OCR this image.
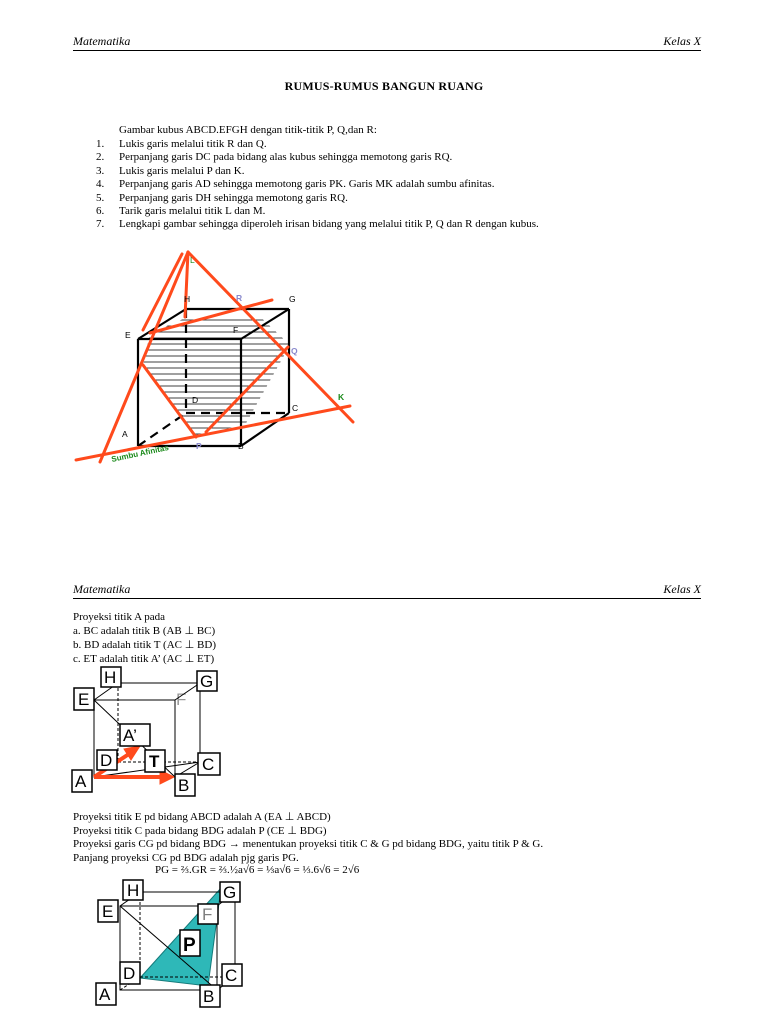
Matematika	Kelas X
RUMUS-RUMUS BANGUN RUANG
Gambar kubus ABCD.EFGH dengan titik-titik P, Q,dan R:
1.	Lukis garis melalui titik R dan Q.
2.	Perpanjang garis DC pada bidang alas kubus sehingga memotong garis RQ.
3.	Lukis garis melalui P dan K.
4.	Perpanjang garis AD sehingga memotong garis PK. Garis MK adalah sumbu afinitas.
5.	Perpanjang garis DH sehingga memotong garis RQ.
6.	Tarik garis melalui titik L dan M.
7.	Lengkapi gambar sehingga diperoleh irisan bidang yang melalui titik P, Q dan R dengan kubus.
L
H	R	G
E	F
Q
D
C
K
A
P	B
Sumbu Afinitas
Matematika	Kelas X
Proyeksi titik A pada
a. BC adalah titik B (AB ⊥ BC)
b. BD adalah titik T (AC ⊥ BD)
c. ET adalah titik A’ (AC ⊥ ET)
H	G
E	F
A’
D T	C
A	B
Proyeksi titik E pd bidang ABCD adalah A (EA ⊥ ABCD)
Proyeksi titik C pada bidang BDG adalah P (CE ⊥ BDG)
Proyeksi garis CG pd bidang BDG → menentukan proyeksi titik C & G pd bidang BDG, yaitu titik P & G.
Panjang proyeksi CG pd BDG adalah pjg garis PG.
PG = ⅔.GR = ⅔.½a√6 = ⅓a√6 = ⅓.6√6 = 2√6
H	G
E	F
P
D	C
A	B
